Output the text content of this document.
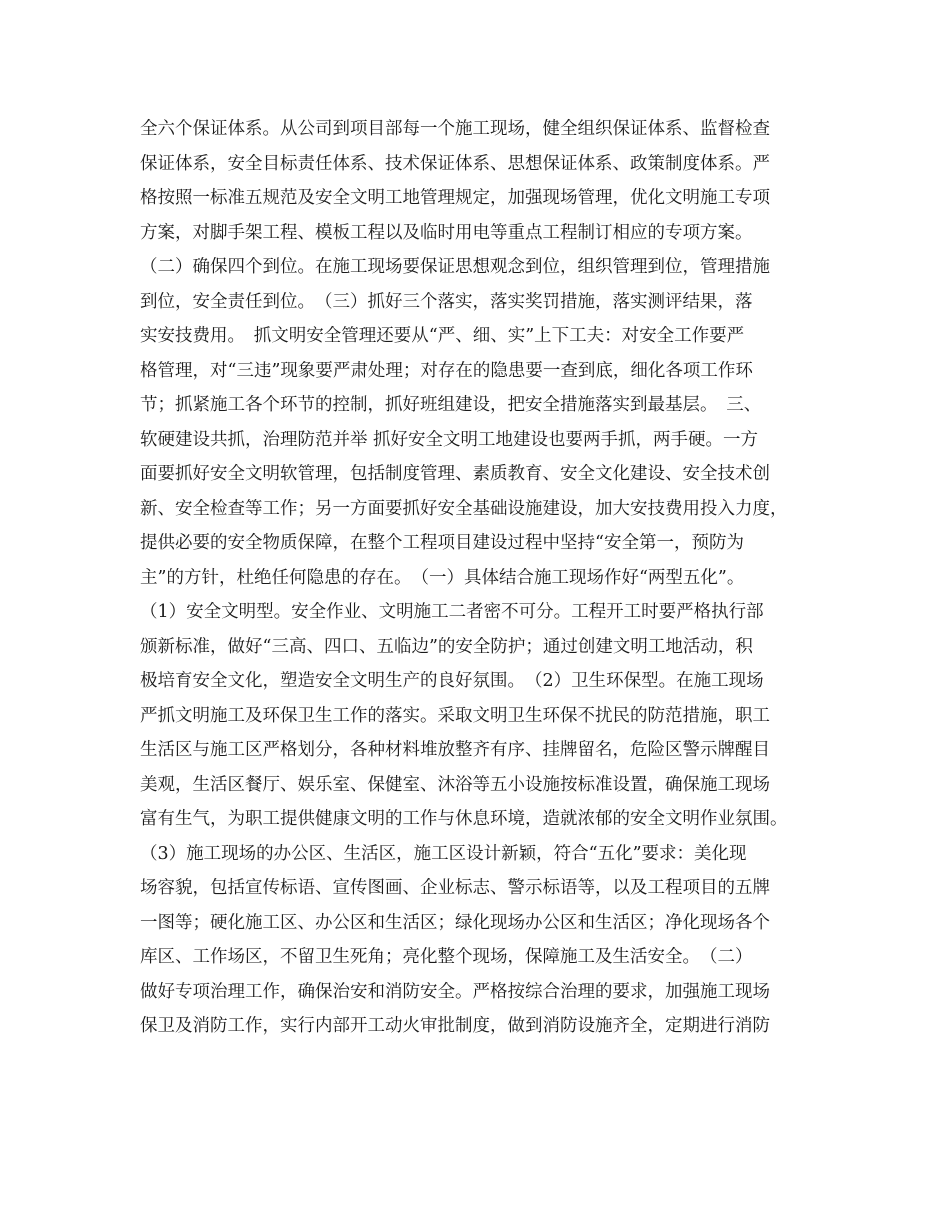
全六个保证体系。从公司到项目部每一个施工现场，健全组织保证体系、监督检查
保证体系，安全目标责任体系、技术保证体系、思想保证体系、政策制度体系。严
格按照一标准五规范及安全文明工地管理规定，加强现场管理，优化文明施工专项
方案，对脚手架工程、模板工程以及临时用电等重点工程制订相应的专项方案。
（二）确保四个到位。在施工现场要保证思想观念到位，组织管理到位，管理措施
到位，安全责任到位。　（三）抓好三个落实，落实奖罚措施，落实测评结果，落
实安技费用。　抓文明安全管理还要从“严、细、实”上下工夫：对安全工作要严
格管理，对“三违”现象要严肃处理；对存在的隐患要一查到底，细化各项工作环
节；抓紧施工各个环节的控制，抓好班组建设，把安全措施落实到最基层。　三、
软硬建设共抓，治理防范并举 抓好安全文明工地建设也要两手抓，两手硬。一方
面要抓好安全文明软管理，包括制度管理、素质教育、安全文化建设、安全技术创
新、安全检查等工作；另一方面要抓好安全基础设施建设，加大安技费用投入力度，
提供必要的安全物质保障，在整个工程项目建设过程中坚持“安全第一，预防为
主”的方针，杜绝任何隐患的存在。　（一）具体结合施工现场作好“两型五化”。
（1）安全文明型。安全作业、文明施工二者密不可分。工程开工时要严格执行部
颁新标准，做好“三高、四口、五临边”的安全防护；通过创建文明工地活动，积
极培育安全文化，塑造安全文明生产的良好氛围。　（2）卫生环保型。在施工现场
严抓文明施工及环保卫生工作的落实。采取文明卫生环保不扰民的防范措施，职工
生活区与施工区严格划分，各种材料堆放整齐有序、挂牌留名，危险区警示牌醒目
美观，生活区餐厅、娱乐室、保健室、沐浴等五小设施按标准设置，确保施工现场
富有生气，为职工提供健康文明的工作与休息环境，造就浓郁的安全文明作业氛围。
（3）施工现场的办公区、生活区，施工区设计新颖，符合“五化”要求：美化现
场容貌，包括宣传标语、宣传图画、企业标志、警示标语等，以及工程项目的五牌
一图等；硬化施工区、办公区和生活区；绿化现场办公区和生活区；净化现场各个
库区、工作场区，不留卫生死角；亮化整个现场，保障施工及生活安全。　（二）
做好专项治理工作，确保治安和消防安全。严格按综合治理的要求，加强施工现场
保卫及消防工作，实行内部开工动火审批制度，做到消防设施齐全，定期进行消防
